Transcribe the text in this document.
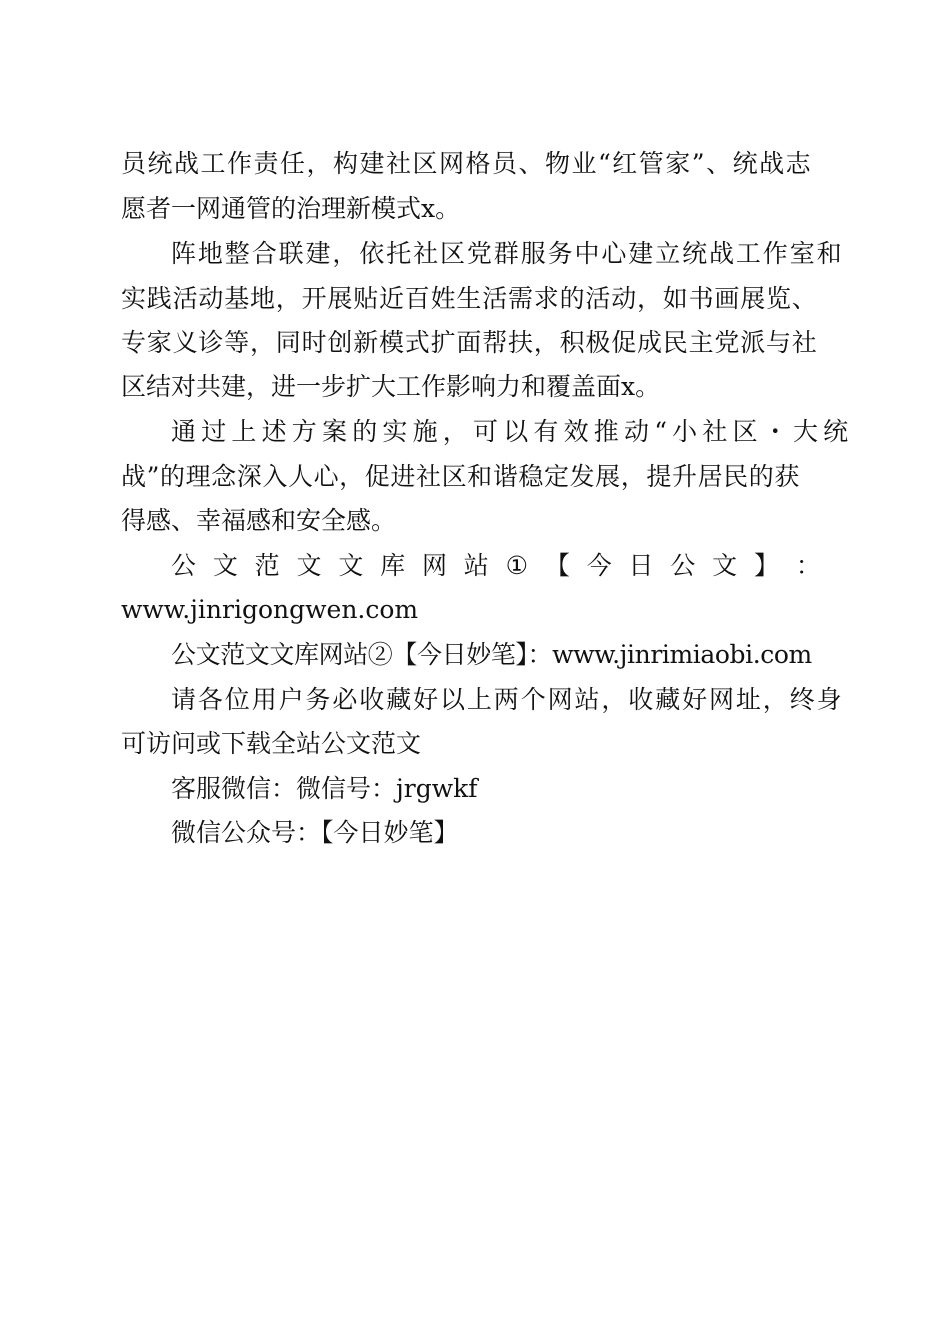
员统战工作责任，构建社区网格员、物业“红管家”、统战志
愿者一网通管的治理新模式x。
阵地整合联建，依托社区党群服务中心建立统战工作室和
实践活动基地，开展贴近百姓生活需求的活动，如书画展览、
专家义诊等，同时创新模式扩面帮扶，积极促成民主党派与社
区结对共建，进一步扩大工作影响力和覆盖面x。
通过上述方案的实施，可以有效推动“小社区・大统
战”的理念深入人心，促进社区和谐稳定发展，提升居民的获
得感、幸福感和安全感。
公 文 范 文 文 库 网 站 ① 【 今 日 公 文 】 ：
www.jinrigongwen.com
公文范文文库网站②【今日妙笔】：www.jinrimiaobi.com
请各位用户务必收藏好以上两个网站，收藏好网址，终身
可访问或下载全站公文范文
客服微信：微信号：jrgwkf
微信公众号：【今日妙笔】
